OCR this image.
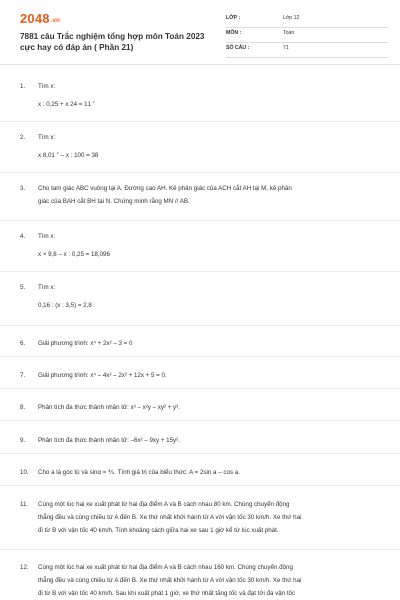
2048.vn
7881 câu Trắc nghiệm tổng hợp môn Toán 2023 cực hay có đáp án ( Phần 21)
LỚP :	Lớp 12
MÔN :	Toán
SỐ CÂU :	71
1.	Tìm x:
x : 0,25 + x ׳ 11 = 24
2.	Tìm x:
x ׳ 8,01 – x : 100 = 38
3.	Cho tam giác ABC vuông tại A. Đường cao AH. Kẻ phân giác của ACH cắt AH tại M, kẻ phân
giác của BAH cắt BH tại N. Chứng minh rằng MN // AB.
4.	Tìm x:
x × 9,8 – x : 0,25 = 18,096
5.	Tìm x:
0,16 : (x : 3,5) = 2,8
6.	Giải phương trình: x⁴ + 2x² – 3 = 0
7.	Giải phương trình: x⁴ – 4x³ – 2x² + 12x + 5 = 0.
8.	Phân tích đa thức thành nhân tử: x³ – x²y – xy² + y³.
9.	Phân tích đa thức thành nhân tử: –6x² – 9xy + 15y².
10.	Cho a là góc tù và sinα = ⅘. Tính giá trị của biểu thức: A = 2sin a – cos a.
11.	Cùng một lúc hai xe xuất phát từ hai địa điểm A và B cách nhau 80 km. Chúng chuyển động
thẳng đều và cùng chiều từ A đến B. Xe thứ nhất khởi hành từ A với vận tốc 30 km/h. Xe thứ hai
đi từ B với vận tốc 40 km/h. Tính khoảng cách giữa hai xe sau 1 giờ kể từ lúc xuất phát.
12.	Cùng một lúc hai xe xuất phát từ hai địa điểm A và B cách nhau 160 km. Chúng chuyển động
thẳng đều và cùng chiều từ A đến B. Xe thứ nhất khởi hành từ A với vận tốc 30 km/h. Xe thứ hai
đi từ B với vận tốc 40 km/h. Sau khi xuất phát 1 giờ, xe thứ nhất tăng tốc và đạt tới đa vận tốc
